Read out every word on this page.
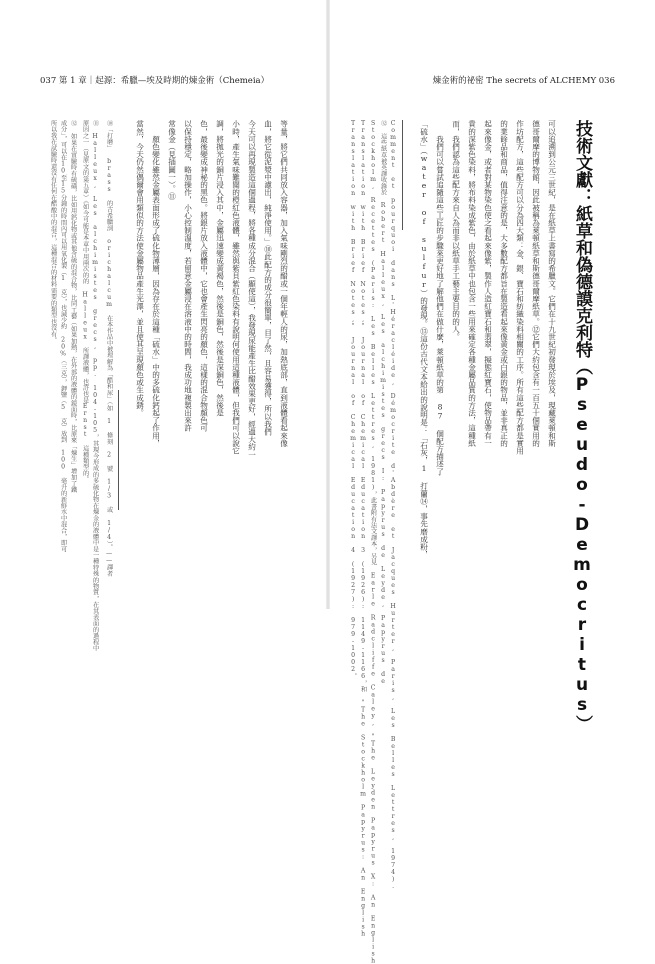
037 第 1 章｜起源：希臘—埃及時期的煉金術（Chemeia）
所以我在試驗時還沒有任何在醋酸中的混合，這種混合的材料需要的類型也沒有。 成分」，可以在10至15分鐘的時間內可以用氧化製（1 克），也減少約 20%（三克），鉀鹽（5 克）放到 100 毫升的新鮮水中混合，即可 ⑫ 如果在實驗時有硫磺，比如用鈣化物或其他含硫的混合物，比同工藝（如果加熱，在外部的液體的鏡面時，比原來「煉生」增加了鐵 原因之一（見原文的第五章）《如今可能是本章中用兩次的的 Halleux 所譯液體，也許也是Ernst 這種類型的。 ⑪ Halleux, Les alchimistes grecs, pp. 104-105，其現今形成的多硫化物在煉金的液體中是一種特殊的物質，在其表面的過程中 ⑩「打磨」 brass 的古希臘詞 orichalcum 在本作品中被理解為「醋和尿」（如 1 條刻 2 號 1/3 或 1/4）。——譯者	當然，今天仍然偶爾會用類似的方法使金屬物品產生光澤，並且使其呈現顏色或生成銹。 　　顏色變化雖然金屬表面形成了硫化物薄層，因為存在於這種「硫水」中的多硫化鈣起了作用， 常像金（見插圖一）。⑪ 以保持穩定，略加操作，小心控制溫度，若留意金屬浸在溶液中的時間，我成功地複製出來許 色，最後變成神秘的黑色。將銀片放入液體中，它也會產生閃亮的顏色，這樣的混合物顏色可 調，將拋光的銅片浸入其中，金屬迅速變成黃褐色，然後是銅色，然後是深銅色，然後是 小時，產生氣味難聞的橙紅色液體，雖然與紫貝紫紅色染料有說明何使用這種液體，但我們可以說它 今天可以再現製造這個過程，將各種成分混合（顯使這），我發現尿能產生比醋效果更好，經過大約一 血，將它從泥漿中濾出，純淨使用。」⑩此配方的成分很簡單，目了然，且容易獲得，所以我們 等量，將它們共同放入容器，加入氣味剛烈的醋或一個年輕人的尿，加熱底部，直到液體看起來像
煉金術的祕密 The secrets of ALCHEMY 036
Translation with Brief Notes," Journal of Chemical Education 4 (1927): 979-1002。 Translation with Brief Notes," Journal of Chemical Education 3 (1926): 1149-1166，和 "The Stockholm Papyrus: An English Stockholm, Recettes (Paris: Les Belles Lettres, 1981)，此書附有法文譯本，另見 Earle Radcliffe Caley, "The Leyden Papyrus X: An English ⑫ 這些紙草被英譯收錄於 Robert Halleux, Les alchimistes grecs I: Papyrus de Leyde, Papyrus de Comment et pourquoi dans L'Héracléide, Démocrite d'Abdère et Jacques Hurter, Paris, Les Belles Lettres, 1974).	「硫水」（water of sulfur）的發現。⑬這份古代文本給出的說明是：「石灰，1 打蘭⑭，事先磨成粉， 　　我們可以嘗試追隨這些工匠的步驟來更好地了解他們在做什麼，萊頓紙草的第 87 個配方描述了 而，我們認為這些配方來自人為而非以紙草手工藝主要目的的人。 貴的深紫色染料，將布料染成紫色，由於紙草中也包含一些用來確定各種金屬品質的方法，這種紙 起來像金，或者對某物染色使之看起來像紫，製作人造紅寶石和翡翠，擬態紅寶石，使物品帶有一 的業餘品和商品，值得注意的是，大多數配方都旨在製造看起來像黃金或白銀的物品，並非真正的 作坊配方，這些配方可以分為四大類：金、銀、寶石和紡織染料相關的工序。所有這些配方都是實用 德哥爾摩的博物館，因此被稱為萊頓紙草和斯德哥爾摩紙草。⑫它們大約包含有一百五十個實用的 可以追溯到公元三世紀，是在紙草上書寫的希臘文。它們在十九世紀初發現於埃及，現藏萊頓和斯 技術文獻：紙草和偽德謨克利特（Pseudo-Democritus）
